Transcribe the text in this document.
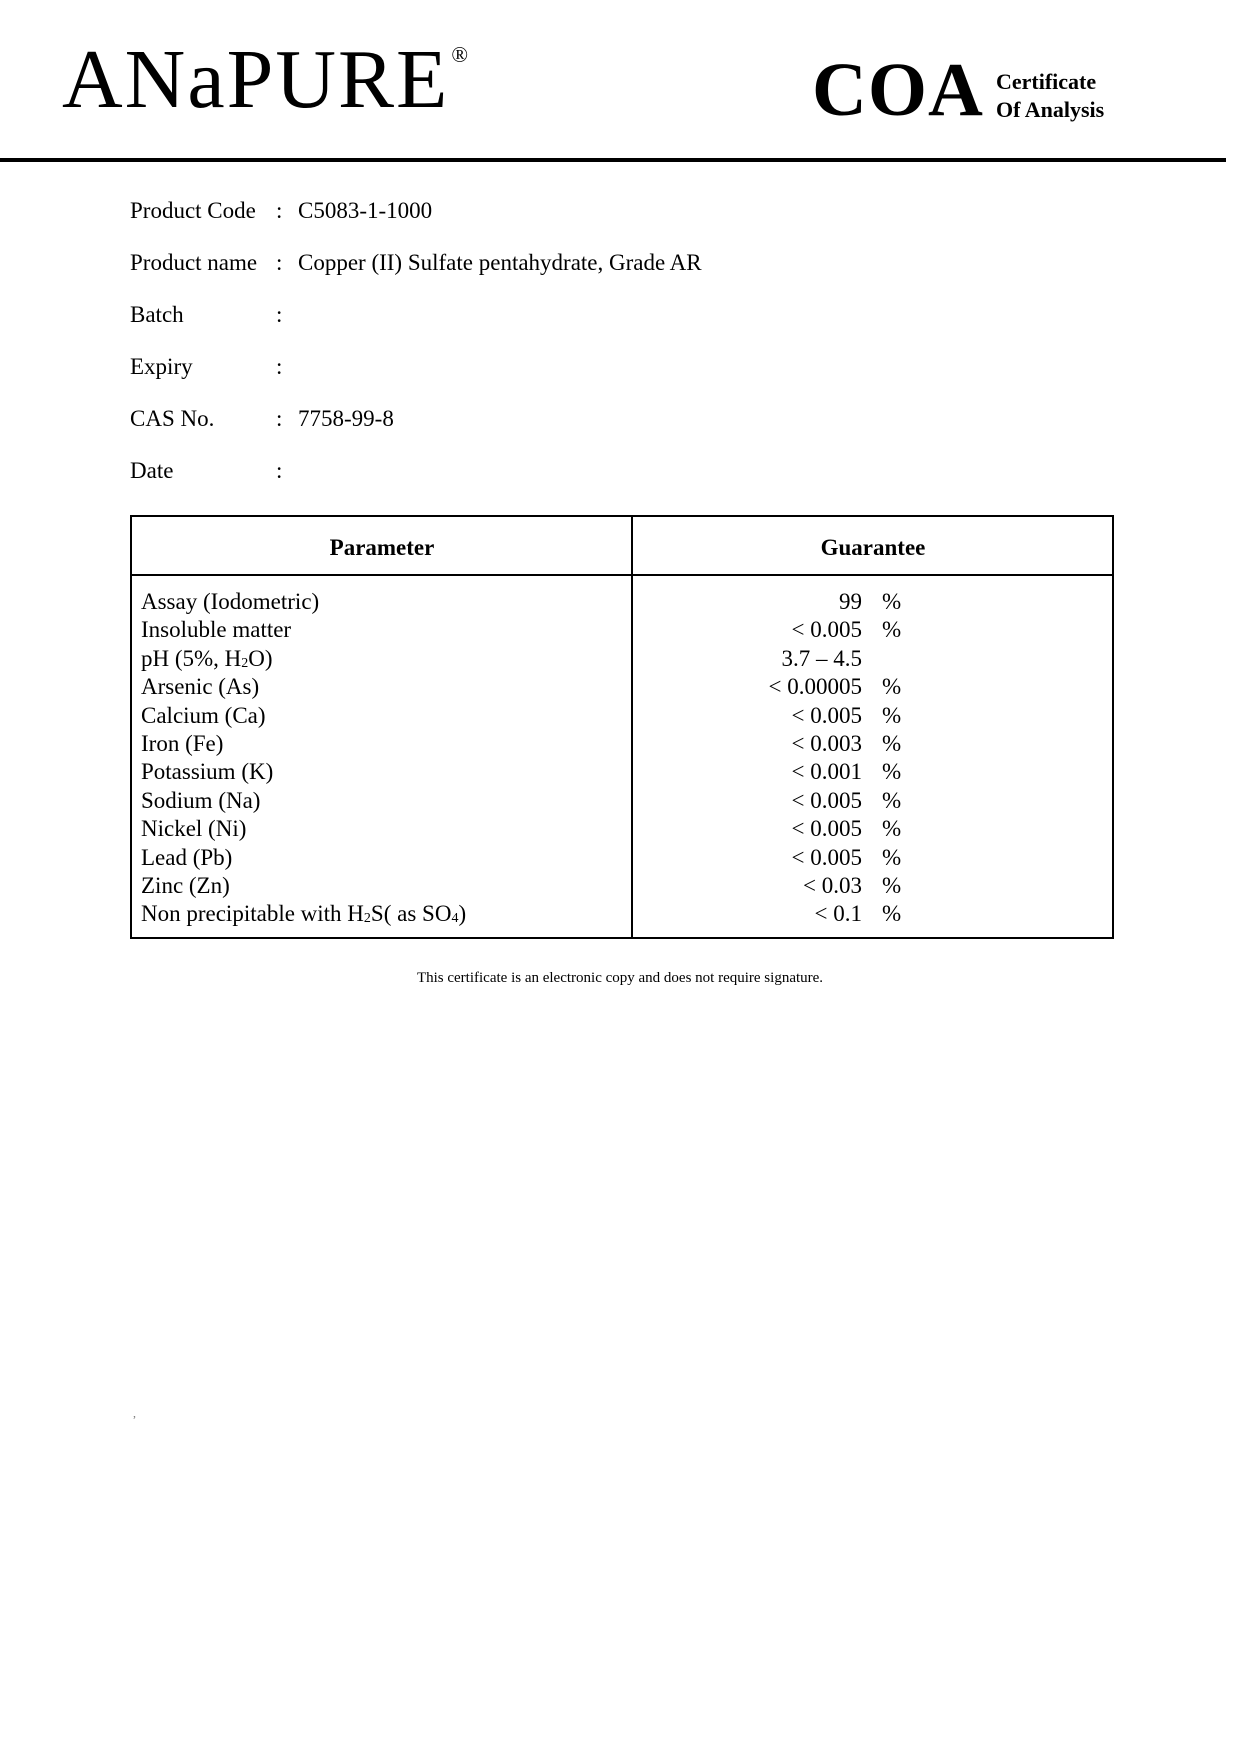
ANaPURE®	COA Certificate
Of Analysis
Product Code : C5083-1-1000
Product name : Copper (II) Sulfate pentahydrate, Grade AR
Batch	:
Expiry	:
CAS No.	: 7758-99-8
Date	:
Parameter	Guarantee
Assay (Iodometric)	99 %
Insoluble matter	< 0.005 %
pH (5%, $H_2O$)	3.7 – 4.5
Arsenic (As)	< 0.00005 %
Calcium (Ca)	< 0.005 %
Iron (Fe)	< 0.003 %
Potassium (K)	< 0.001 %
Sodium (Na)	< 0.005 %
Nickel (Ni)	< 0.005 %
Lead (Pb)	< 0.005 %
Zinc (Zn)	< 0.03 %
Non precipitable with $H_2S$( as $SO_4$)	< 0.1 %
This certificate is an electronic copy and does not require signature.
,
